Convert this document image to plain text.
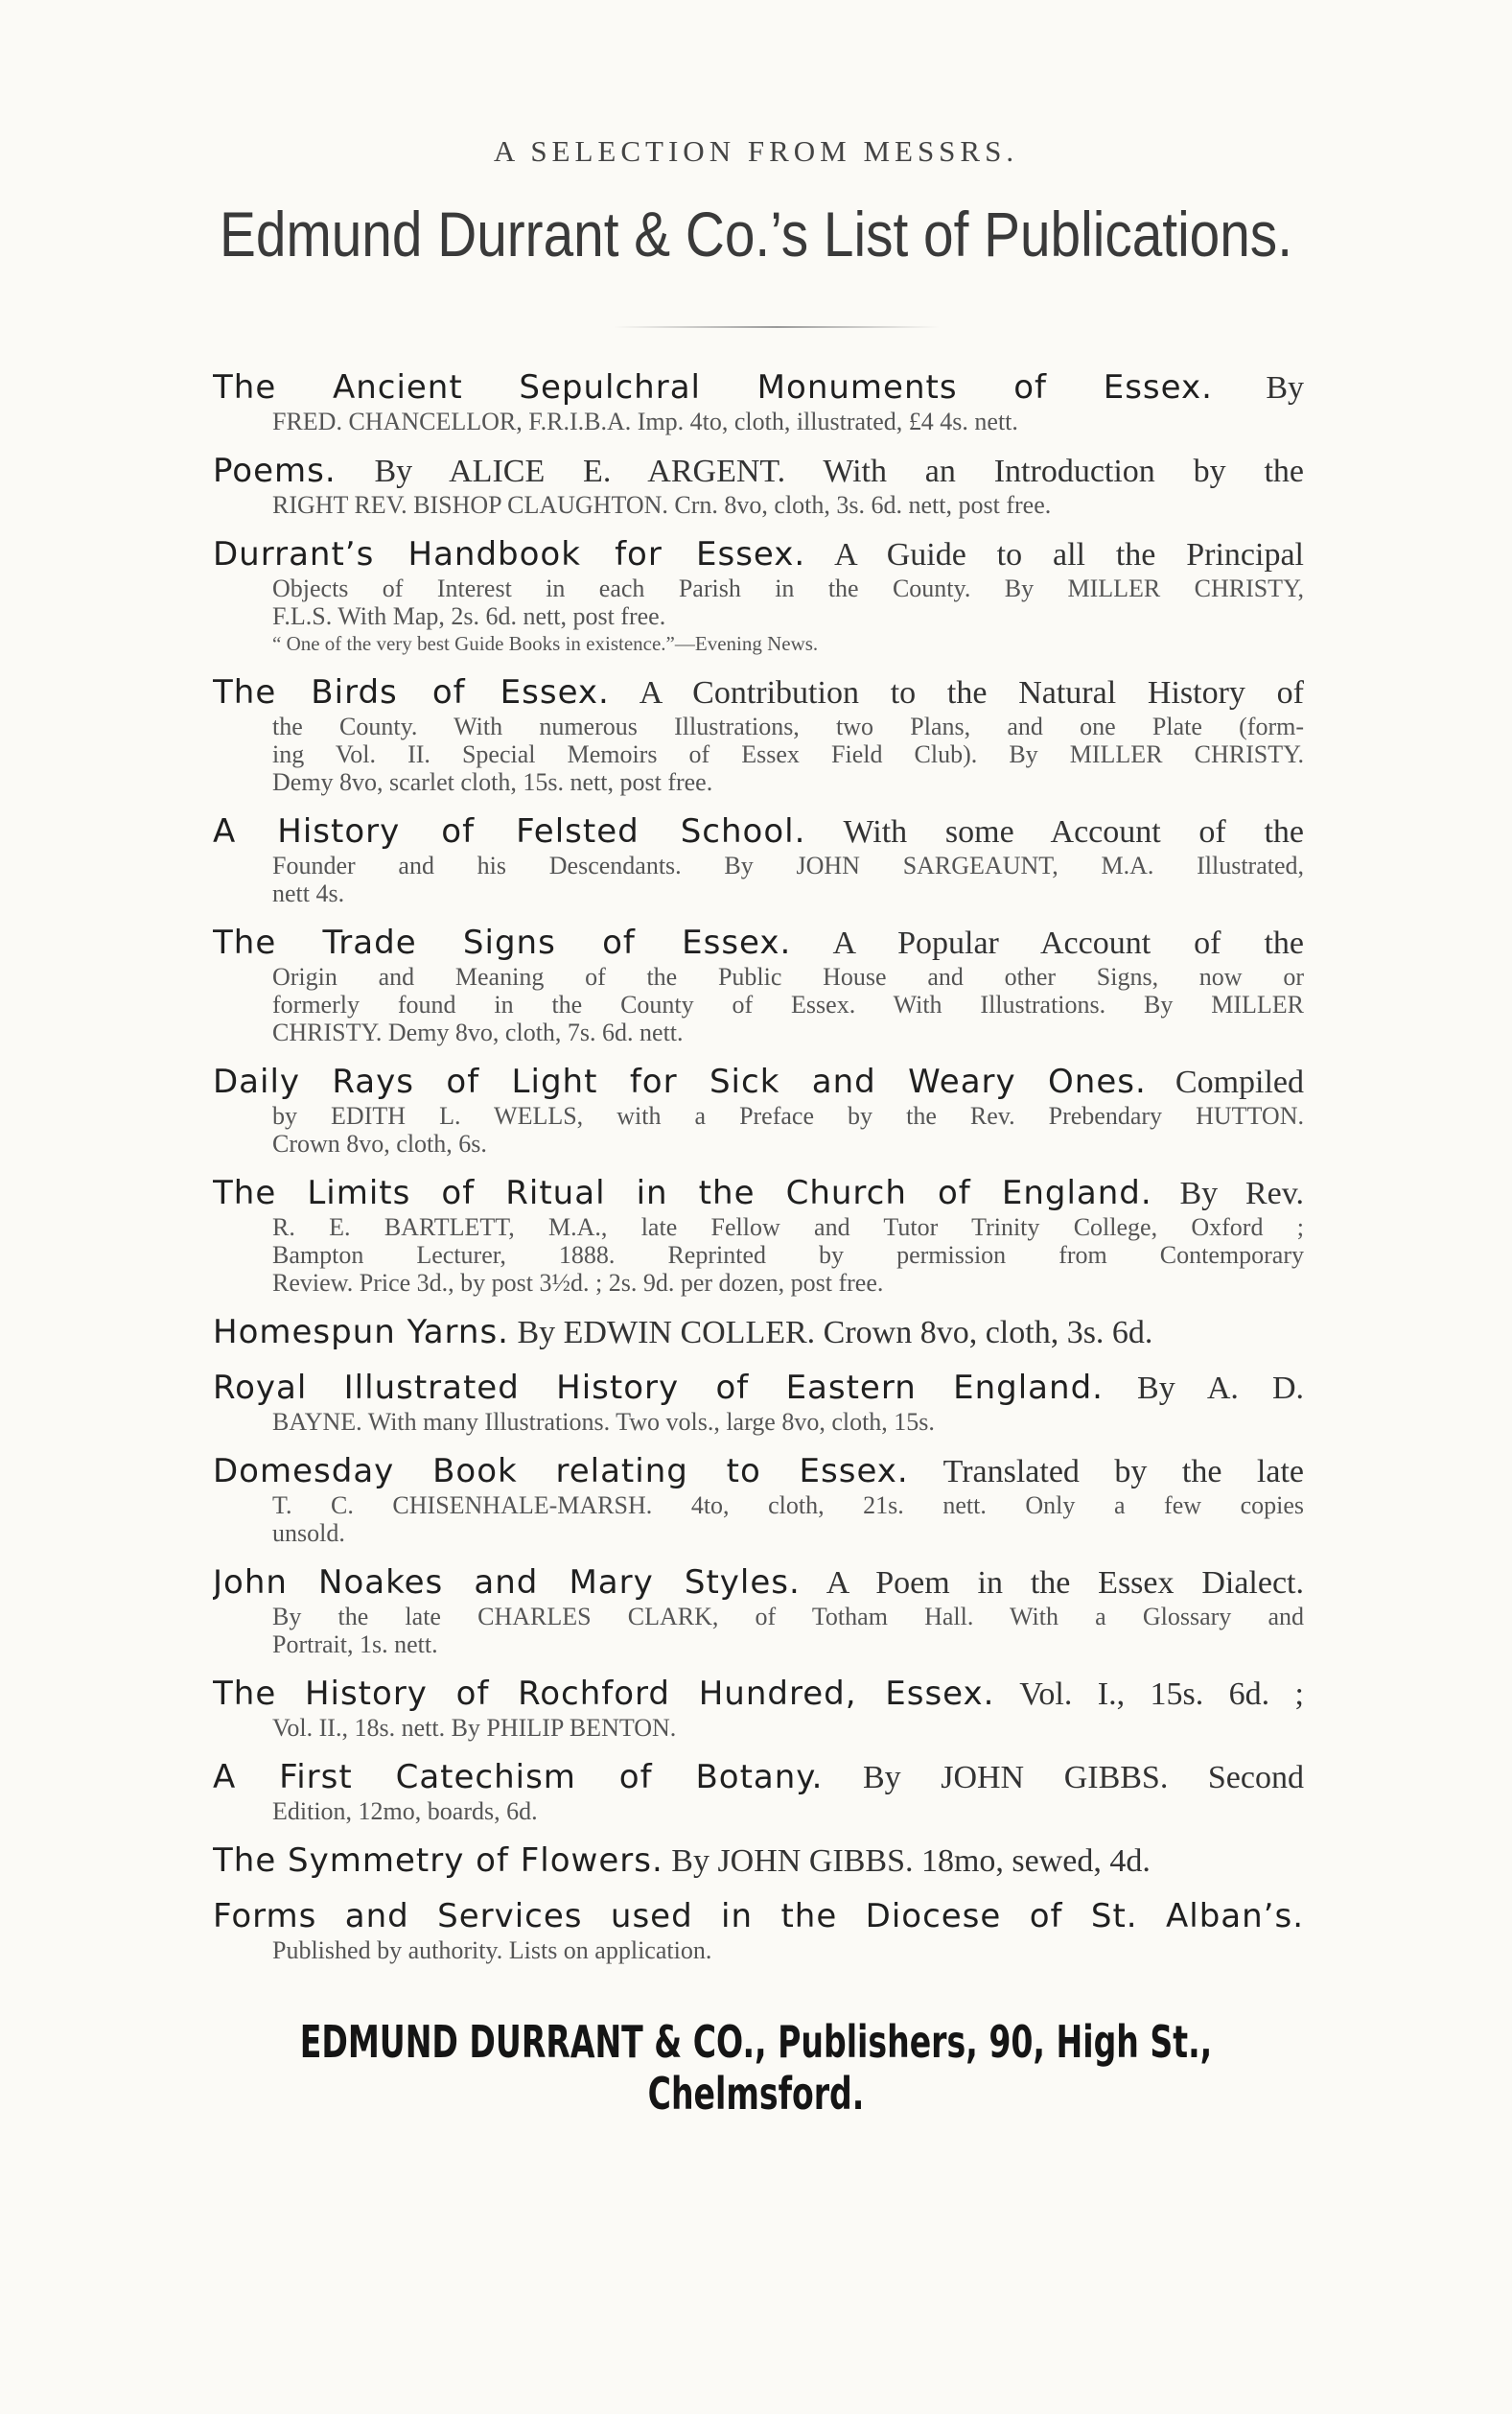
A SELECTION FROM MESSRS.
Edmund Durrant & Co.’s List of Publications.
The Ancient Sepulchral Monuments of Essex. By
FRED. CHANCELLOR, F.R.I.B.A. Imp. 4to, cloth, illustrated, £4 4s. nett.
Poems. By ALICE E. ARGENT. With an Introduction by the
RIGHT REV. BISHOP CLAUGHTON. Crn. 8vo, cloth, 3s. 6d. nett, post free.
Durrant’s Handbook for Essex. A Guide to all the Principal
Objects of Interest in each Parish in the County. By MILLER CHRISTY,
F.L.S. With Map, 2s. 6d. nett, post free.
“ One of the very best Guide Books in existence.”—Evening News.
The Birds of Essex. A Contribution to the Natural History of
the County. With numerous Illustrations, two Plans, and one Plate (form-
ing Vol. II. Special Memoirs of Essex Field Club). By MILLER CHRISTY.
Demy 8vo, scarlet cloth, 15s. nett, post free.
A History of Felsted School. With some Account of the
Founder and his Descendants. By JOHN SARGEAUNT, M.A. Illustrated,
nett 4s.
The Trade Signs of Essex. A Popular Account of the
Origin and Meaning of the Public House and other Signs, now or
formerly found in the County of Essex. With Illustrations. By MILLER
CHRISTY. Demy 8vo, cloth, 7s. 6d. nett.
Daily Rays of Light for Sick and Weary Ones. Compiled
by EDITH L. WELLS, with a Preface by the Rev. Prebendary HUTTON.
Crown 8vo, cloth, 6s.
The Limits of Ritual in the Church of England. By Rev.
R. E. BARTLETT, M.A., late Fellow and Tutor Trinity College, Oxford ;
Bampton Lecturer, 1888. Reprinted by permission from Contemporary
Review. Price 3d., by post 3½d. ; 2s. 9d. per dozen, post free.
Homespun Yarns. By EDWIN COLLER. Crown 8vo, cloth, 3s. 6d.
Royal Illustrated History of Eastern England. By A. D.
BAYNE. With many Illustrations. Two vols., large 8vo, cloth, 15s.
Domesday Book relating to Essex. Translated by the late
T. C. CHISENHALE-MARSH. 4to, cloth, 21s. nett. Only a few copies
unsold.
John Noakes and Mary Styles. A Poem in the Essex Dialect.
By the late CHARLES CLARK, of Totham Hall. With a Glossary and
Portrait, 1s. nett.
The History of Rochford Hundred, Essex. Vol. I., 15s. 6d. ;
Vol. II., 18s. nett. By PHILIP BENTON.
A First Catechism of Botany. By JOHN GIBBS. Second
Edition, 12mo, boards, 6d.
The Symmetry of Flowers. By JOHN GIBBS. 18mo, sewed, 4d.
Forms and Services used in the Diocese of St. Alban’s.
Published by authority. Lists on application.
EDMUND DURRANT & CO., Publishers, 90, High St., Chelmsford.
